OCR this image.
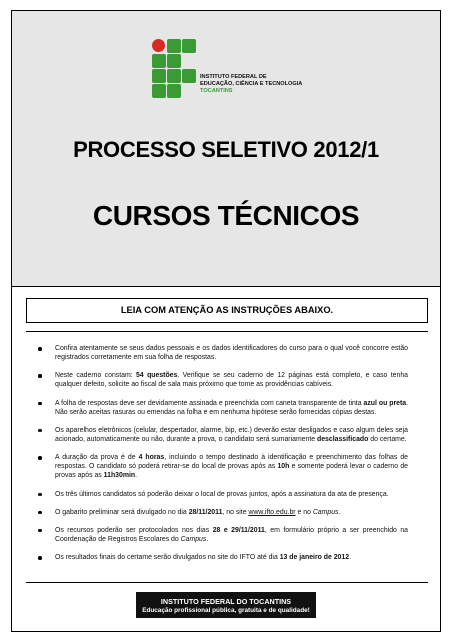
INSTITUTO FEDERAL DE
EDUCAÇÃO, CIÊNCIA E TECNOLOGIA
TOCANTINS
PROCESSO SELETIVO 2012/1
CURSOS TÉCNICOS
LEIA COM ATENÇÃO AS INSTRUÇÕES ABAIXO.
Confira atentamente se seus dados pessoais e os dados identificadores do curso para o qual você concorre estão registrados corretamente em sua folha de respostas.
Neste caderno constam: 54 questões. Verifique se seu caderno de 12 páginas está completo, e caso tenha qualquer defeito, solicite ao fiscal de sala mais próximo que tome as providências cabíveis.
A folha de respostas deve ser devidamente assinada e preenchida com caneta transparente de tinta azul ou preta. Não serão aceitas rasuras ou emendas na folha e em nenhuma hipótese serão fornecidas cópias destas.
Os aparelhos eletrônicos (celular, despertador, alarme, bip, etc.) deverão estar desligados e caso algum deles seja acionado, automaticamente ou não, durante a prova, o candidato será sumariamente desclassificado do certame.
A duração da prova é de 4 horas, incluindo o tempo destinado à identificação e preenchimento das folhas de respostas. O candidato só poderá retirar-se do local de provas após as 10h e somente poderá levar o caderno de provas após as 11h30min.
Os três últimos candidatos só poderão deixar o local de provas juntos, após a assinatura da ata de presença.
O gabarito preliminar será divulgado no dia 28/11/2011, no site www.ifto.edu.br e no Campus.
Os recursos poderão ser protocolados nos dias 28 e 29/11/2011, em formulário próprio a ser preenchido na Coordenação de Registros Escolares do Campus.
Os resultados finais do certame serão divulgados no site do IFTO até dia 13 de janeiro de 2012.
INSTITUTO FEDERAL DO TOCANTINS
Educação profissional pública, gratuita e de qualidade!
